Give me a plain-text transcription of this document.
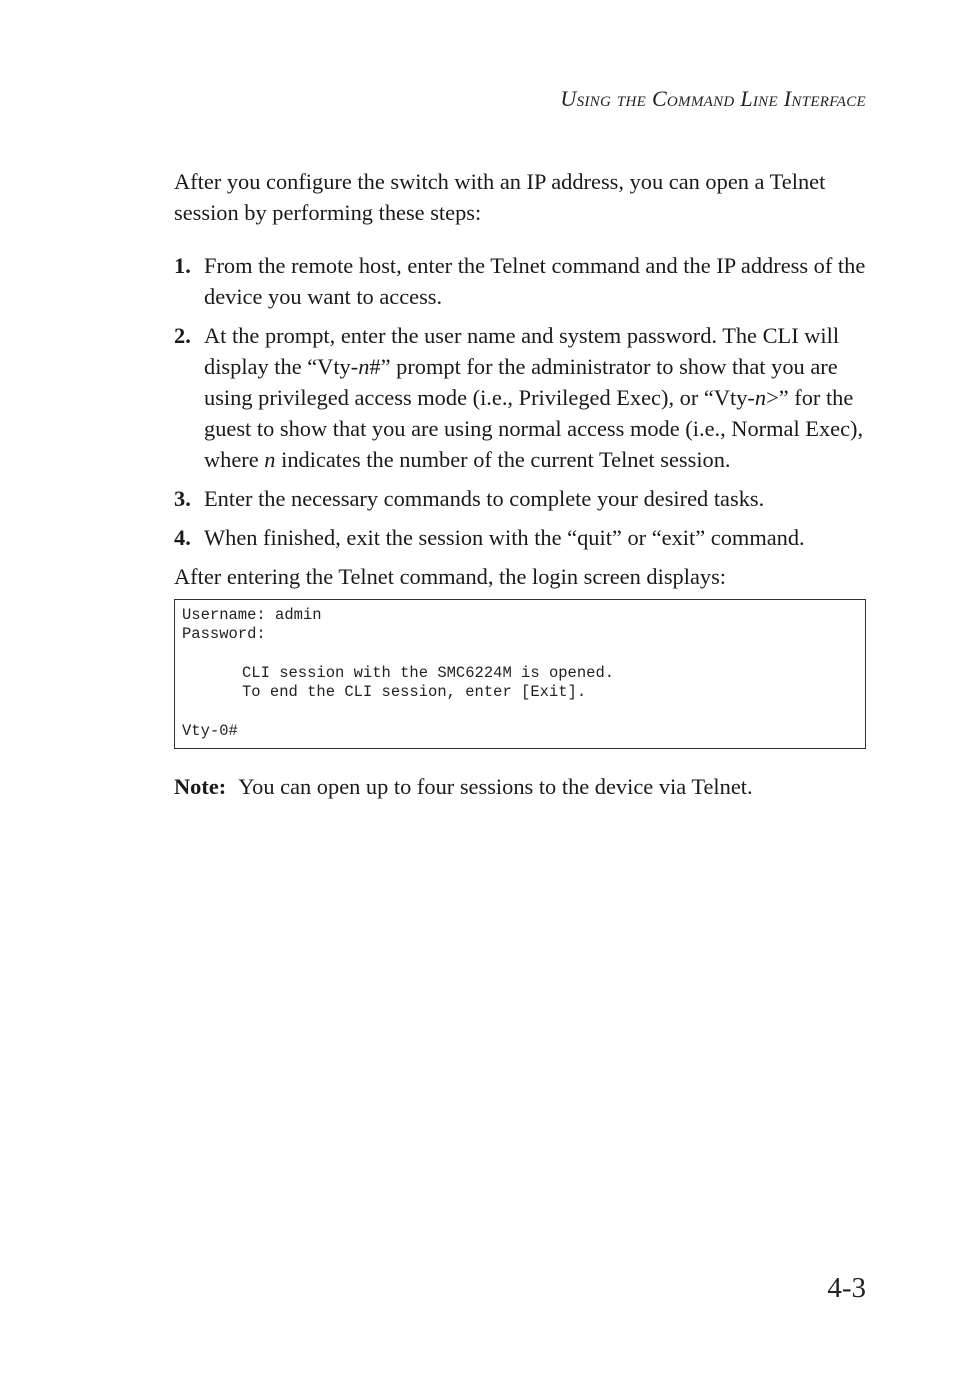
Using the Command Line Interface

After you configure the switch with an IP address, you can open a Telnet session by performing these steps:

1. From the remote host, enter the Telnet command and the IP address of the device you want to access.
2. At the prompt, enter the user name and system password. The CLI will display the “Vty-n#” prompt for the administrator to show that you are using privileged access mode (i.e., Privileged Exec), or “Vty-n>” for the guest to show that you are using normal access mode (i.e., Normal Exec), where n indicates the number of the current Telnet session.
3. Enter the necessary commands to complete your desired tasks.
4. When finished, exit the session with the “quit” or “exit” command.

After entering the Telnet command, the login screen displays:

Username: admin
Password:
CLI session with the SMC6224M is opened.
To end the CLI session, enter [Exit].
Vty-0#

Note: You can open up to four sessions to the device via Telnet.

4-3
